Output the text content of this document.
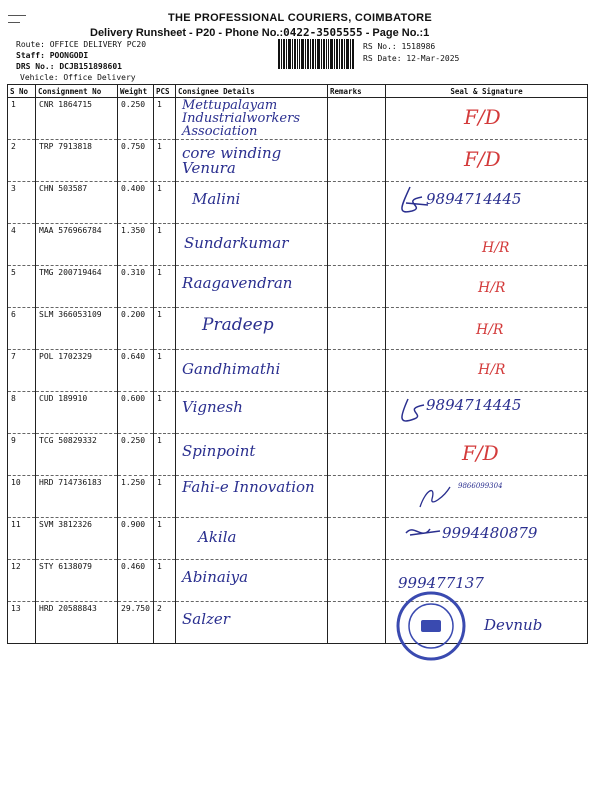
THE PROFESSIONAL COURIERS, COIMBATORE
Delivery Runsheet - P20 - Phone No.:0422-3505555 - Page No.:1
Route: OFFICE DELIVERY PC20
Staff: POONGODI
DRS No.: DCJB151898601
Vehicle: Office Delivery
RS No.: 1518986
RS Date: 12-Mar-2025
S No	Consignment No	Weight	PCS	Consignee Details	Remarks	Seal & Signature
1	CNR 1864715	0.250	1	Mettupalayam Industrialworkers Association		F/D

2	TRP 7913818	0.750	1	core winding Venura		F/D

3	CHN 503587	0.400	1	Malini		9894714445

4	MAA 576966784	1.350	1	Sundarkumar		H/R

5	TMG 200719464	0.310	1	Raagavendran		H/R

6	SLM 366053109	0.200	1	Pradeep		H/R

7	POL 1702329	0.640	1	Gandhimathi		H/R

8	CUD 189910	0.600	1	Vignesh		9894714445

9	TCG 50829332	0.250	1	Spinpoint		F/D

10	HRD 714736183	1.250	1	Fahi-e Innovation		9866099304

11	SVM 3812326	0.900	1	Akila		9994480879

12	STY 6138079	0.460	1	Abinaiya		999477137

13	HRD 20588843	29.750	2	Salzer		Devnub
